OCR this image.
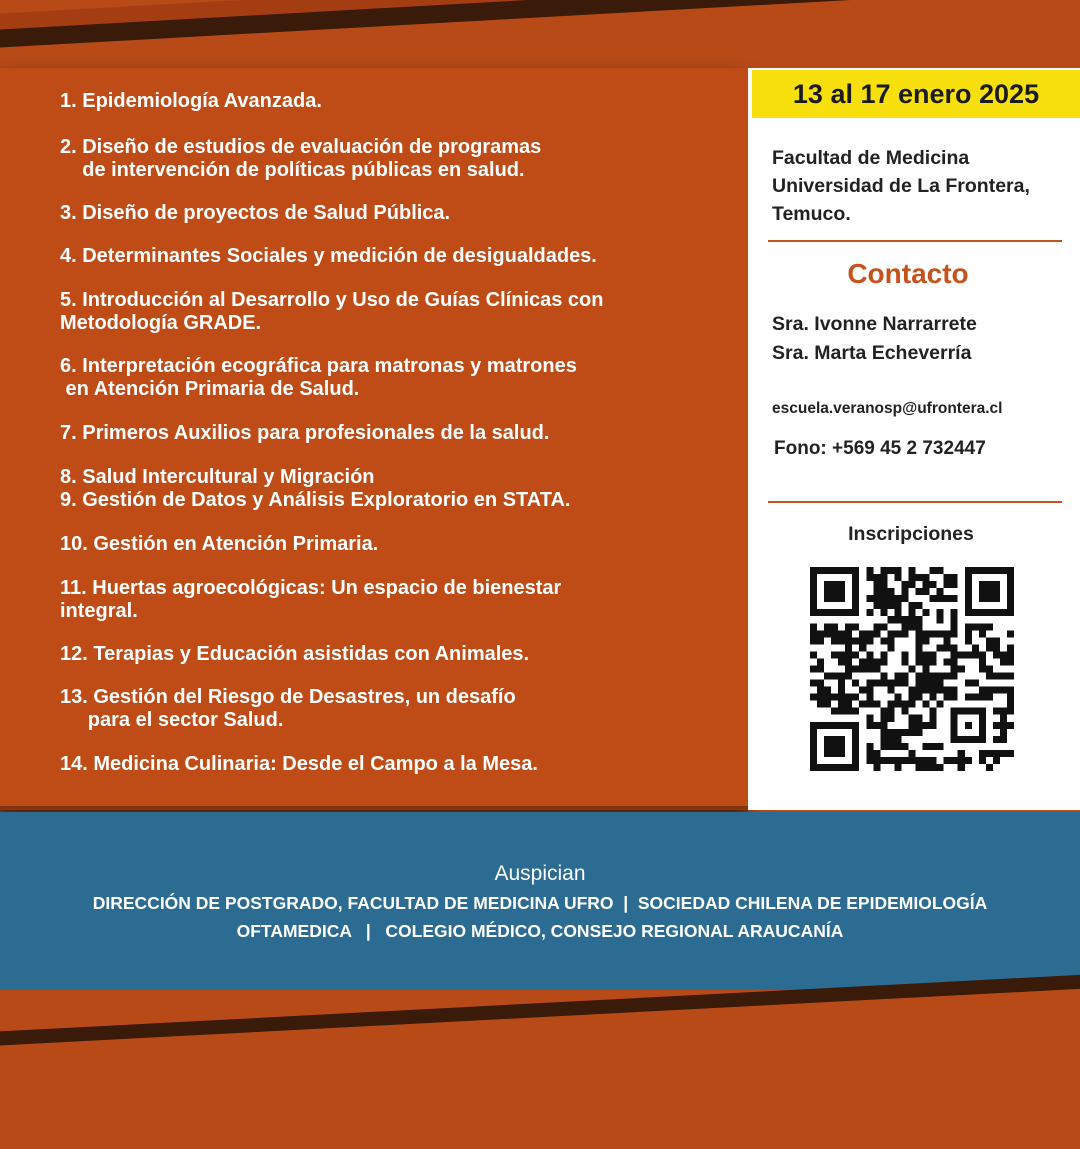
1. Epidemiología Avanzada.

2. Diseño de estudios de evaluación de programas
de intervención de políticas públicas en salud.

3. Diseño de proyectos de Salud Pública.

4. Determinantes Sociales y medición de desigualdades.

5. Introducción al Desarrollo y Uso de Guías Clínicas con
Metodología GRADE.

6. Interpretación ecográfica para matronas y matrones
en Atención Primaria de Salud.

7. Primeros Auxilios para profesionales de la salud.

8. Salud Intercultural y Migración
9. Gestión de Datos y Análisis Exploratorio en STATA.

10. Gestión en Atención Primaria.

11. Huertas agroecológicas: Un espacio de bienestar
integral.

12. Terapias y Educación asistidas con Animales.

13. Gestión del Riesgo de Desastres, un desafío
para el sector Salud.

14. Medicina Culinaria: Desde el Campo a la Mesa.

13 al 17 enero 2025
Facultad de Medicina
Universidad de La Frontera,
Temuco.
Contacto
Sra. Ivonne Narrarrete
Sra. Marta Echeverría
escuela.veranosp@ufrontera.cl
Fono: +569 45 2 732447
Inscripciones
Auspician
DIRECCIÓN DE POSTGRADO, FACULTAD DE MEDICINA UFRO  |  SOCIEDAD CHILENA DE EPIDEMIOLOGÍA
OFTAMEDICA   |   COLEGIO MÉDICO, CONSEJO REGIONAL ARAUCANÍA
